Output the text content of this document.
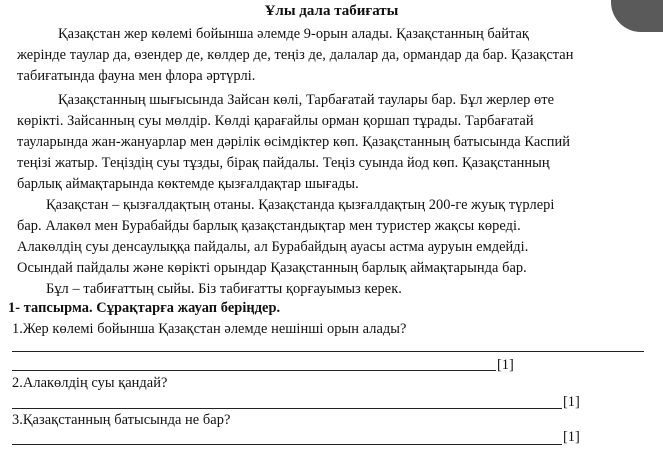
Ұлы дала табиғаты
Қазақстан жер көлемі бойынша әлемде 9-орын алады. Қазақстанның байтақ
жерінде таулар да, өзендер де, көлдер де, теңіз де, далалар да, ормандар да бар. Қазақстан
табиғатында фауна мен флора әртүрлі.
Қазақстанның шығысында Зайсан көлі, Тарбағатай таулары бар. Бұл жерлер өте
көрікті. Зайсанның суы мөлдір. Көлді қарағайлы орман қоршап тұрады. Тарбағатай
тауларында жан-жануарлар мен дәрілік өсімдіктер көп. Қазақстанның батысында Каспий
теңізі жатыр. Теңіздің суы тұзды, бірақ пайдалы. Теңіз суында йод көп. Қазақстанның
барлық аймақтарында көктемде қызғалдақтар шығады.
Қазақстан – қызғалдақтың отаны. Қазақстанда қызғалдақтың 200-ге жуық түрлері
бар. Алакөл мен Бурабайды барлық қазақстандықтар мен туристер жақсы көреді.
Алакөлдің суы денсаулыққа пайдалы, ал Бурабайдың ауасы астма ауруын емдейді.
Осындай пайдалы және көрікті орындар Қазақстанның барлық аймақтарында бар.
Бұл – табиғаттың сыйы. Біз табиғатты қорғауымыз керек.
1- тапсырма. Сұрақтарға жауап беріңдер.
1.Жер көлемі бойынша Қазақстан әлемде нешінші орын алады?
[1]
2.Алакөлдің суы қандай?
[1]
3.Қазақстанның батысында не бар?
[1]
